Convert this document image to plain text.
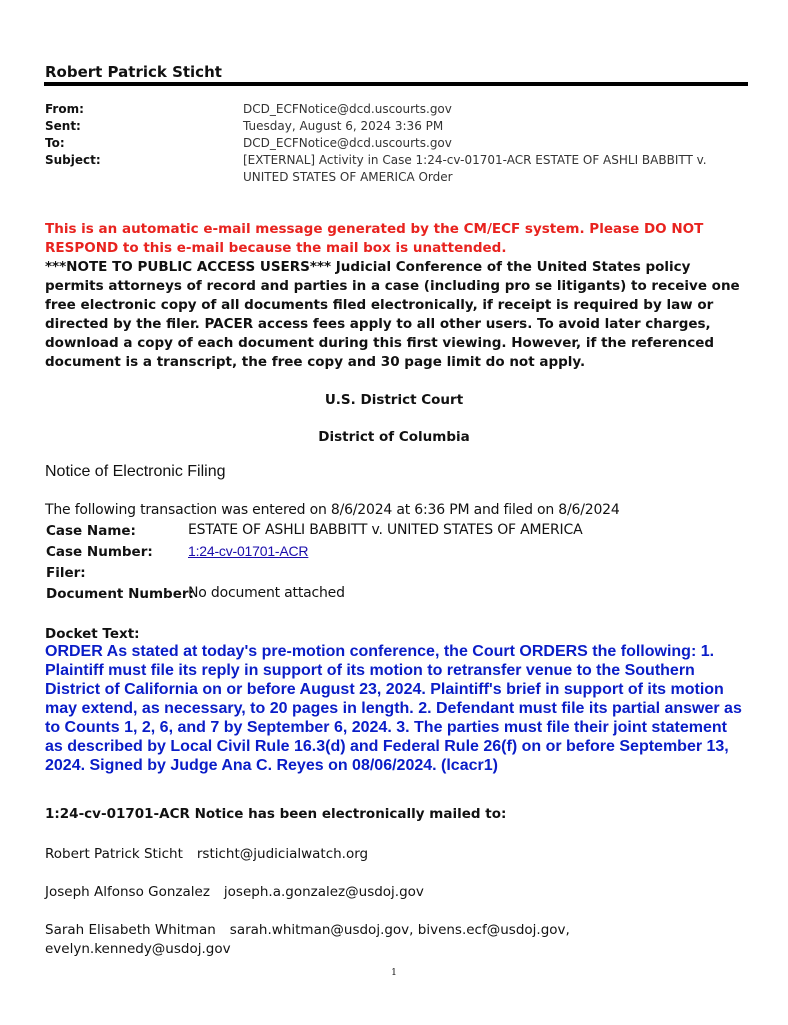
Robert Patrick Sticht
From:	DCD_ECFNotice@dcd.uscourts.gov
Sent:	Tuesday, August 6, 2024 3:36 PM
To:	DCD_ECFNotice@dcd.uscourts.gov
Subject:	[EXTERNAL] Activity in Case 1:24-cv-01701-ACR ESTATE OF ASHLI BABBITT v. UNITED STATES OF AMERICA Order
This is an automatic e-mail message generated by the CM/ECF system. Please DO NOT RESPOND to this e-mail because the mail box is unattended.
***NOTE TO PUBLIC ACCESS USERS*** Judicial Conference of the United States policy permits attorneys of record and parties in a case (including pro se litigants) to receive one free electronic copy of all documents filed electronically, if receipt is required by law or directed by the filer. PACER access fees apply to all other users. To avoid later charges, download a copy of each document during this first viewing. However, if the referenced document is a transcript, the free copy and 30 page limit do not apply.
U.S. District Court
District of Columbia
Notice of Electronic Filing
The following transaction was entered on 8/6/2024 at 6:36 PM and filed on 8/6/2024
Case Name:	ESTATE OF ASHLI BABBITT v. UNITED STATES OF AMERICA
Case Number:	1:24-cv-01701-ACR
Filer:
Document Number:
No document attached
Docket Text:
ORDER As stated at today's pre-motion conference, the Court ORDERS the following: 1. Plaintiff must file its reply in support of its motion to retransfer venue to the Southern District of California on or before August 23, 2024. Plaintiff's brief in support of its motion may extend, as necessary, to 20 pages in length. 2. Defendant must file its partial answer as to Counts 1, 2, 6, and 7 by September 6, 2024. 3. The parties must file their joint statement as described by Local Civil Rule 16.3(d) and Federal Rule 26(f) on or before September 13, 2024. Signed by Judge Ana C. Reyes on 08/06/2024. (lcacr1)
1:24-cv-01701-ACR Notice has been electronically mailed to:
Robert Patrick Sticht rsticht@judicialwatch.org
Joseph Alfonso Gonzalez joseph.a.gonzalez@usdoj.gov
Sarah Elisabeth Whitman sarah.whitman@usdoj.gov, bivens.ecf@usdoj.gov, evelyn.kennedy@usdoj.gov
1
